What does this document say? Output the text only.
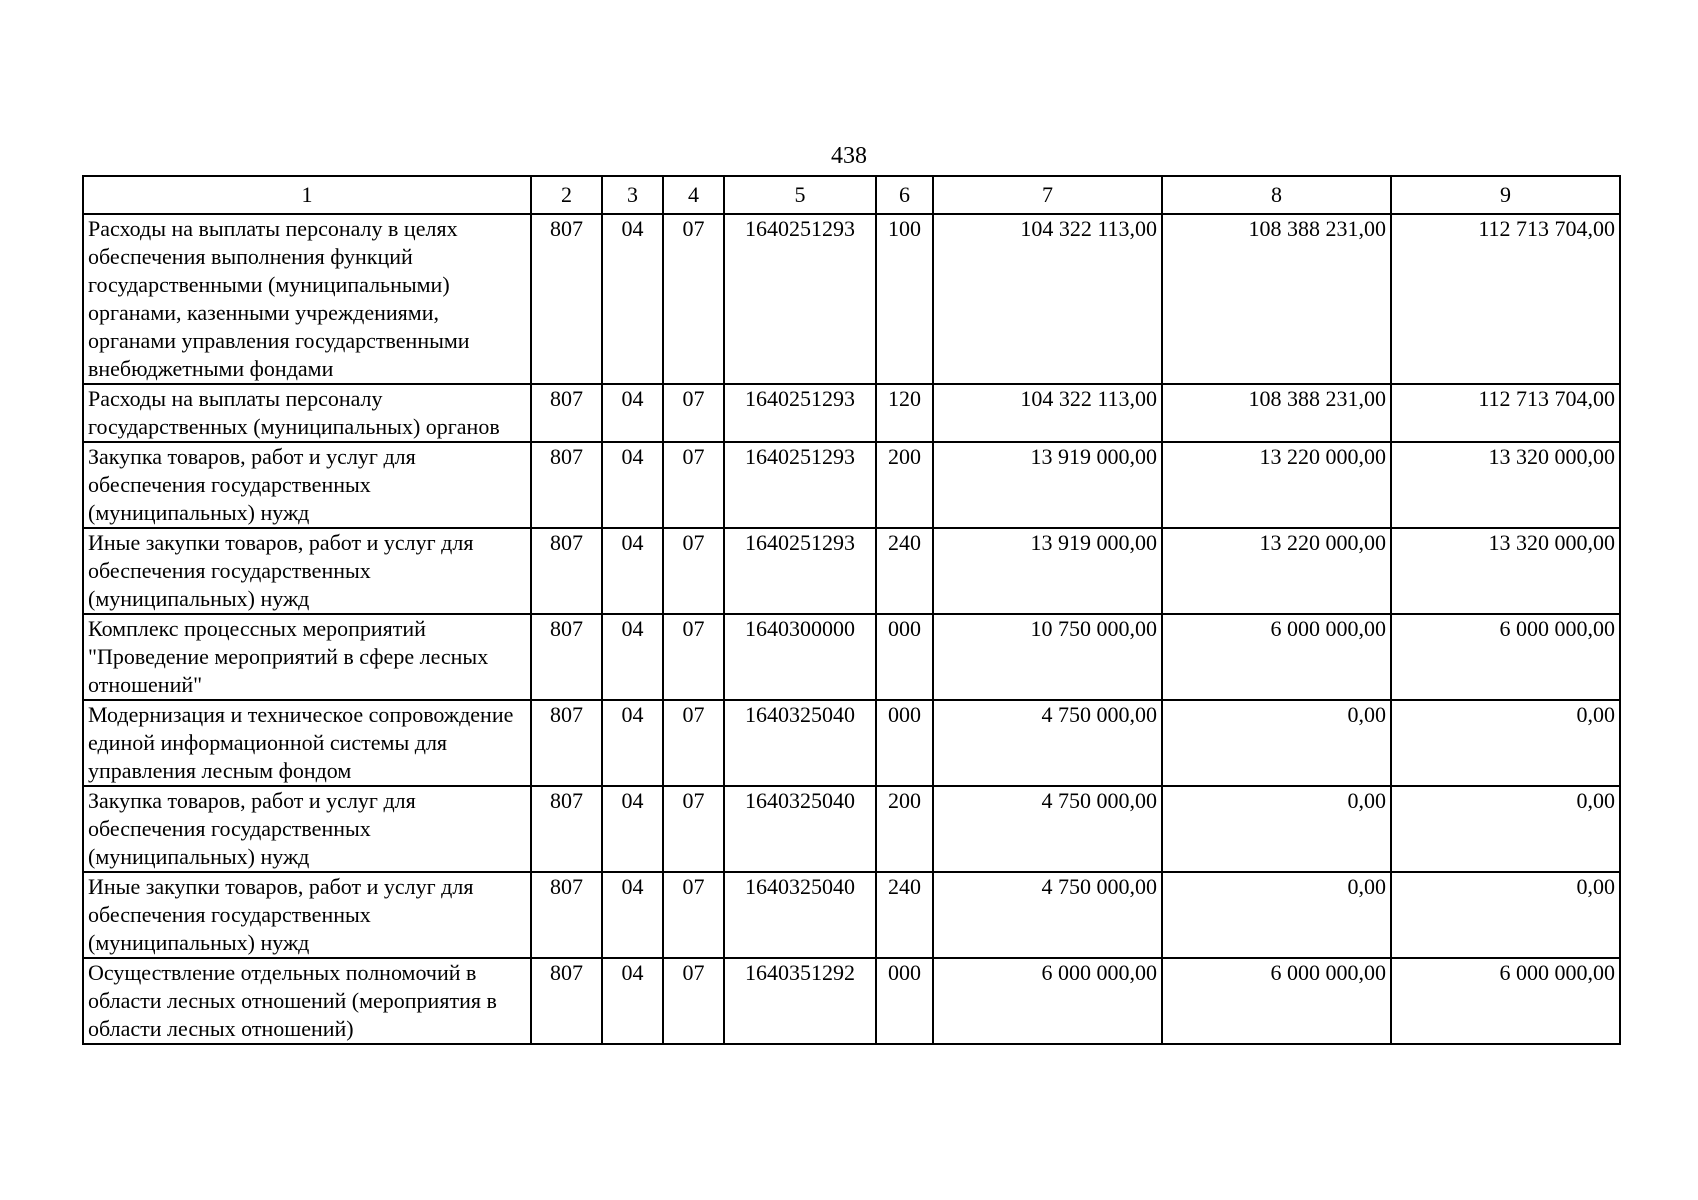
438
1	2	3	4	5	6	7	8	9
Расходы на выплаты персоналу в целях обеспечения выполнения функций государственными (муниципальными) органами, казенными учреждениями, органами управления государственными внебюджетными фондами	807	04	07	1640251293	100	104 322 113,00	108 388 231,00	112 713 704,00
Расходы на выплаты персоналу государственных (муниципальных) органов	807	04	07	1640251293	120	104 322 113,00	108 388 231,00	112 713 704,00
Закупка товаров, работ и услуг для обеспечения государственных (муниципальных) нужд	807	04	07	1640251293	200	13 919 000,00	13 220 000,00	13 320 000,00
Иные закупки товаров, работ и услуг для обеспечения государственных (муниципальных) нужд	807	04	07	1640251293	240	13 919 000,00	13 220 000,00	13 320 000,00
Комплекс процессных мероприятий "Проведение мероприятий в сфере лесных отношений"	807	04	07	1640300000	000	10 750 000,00	6 000 000,00	6 000 000,00
Модернизация и техническое сопровождение единой информационной системы для управления лесным фондом	807	04	07	1640325040	000	4 750 000,00	0,00	0,00
Закупка товаров, работ и услуг для обеспечения государственных (муниципальных) нужд	807	04	07	1640325040	200	4 750 000,00	0,00	0,00
Иные закупки товаров, работ и услуг для обеспечения государственных (муниципальных) нужд	807	04	07	1640325040	240	4 750 000,00	0,00	0,00
Осуществление отдельных полномочий в области лесных отношений (мероприятия в области лесных отношений)	807	04	07	1640351292	000	6 000 000,00	6 000 000,00	6 000 000,00
